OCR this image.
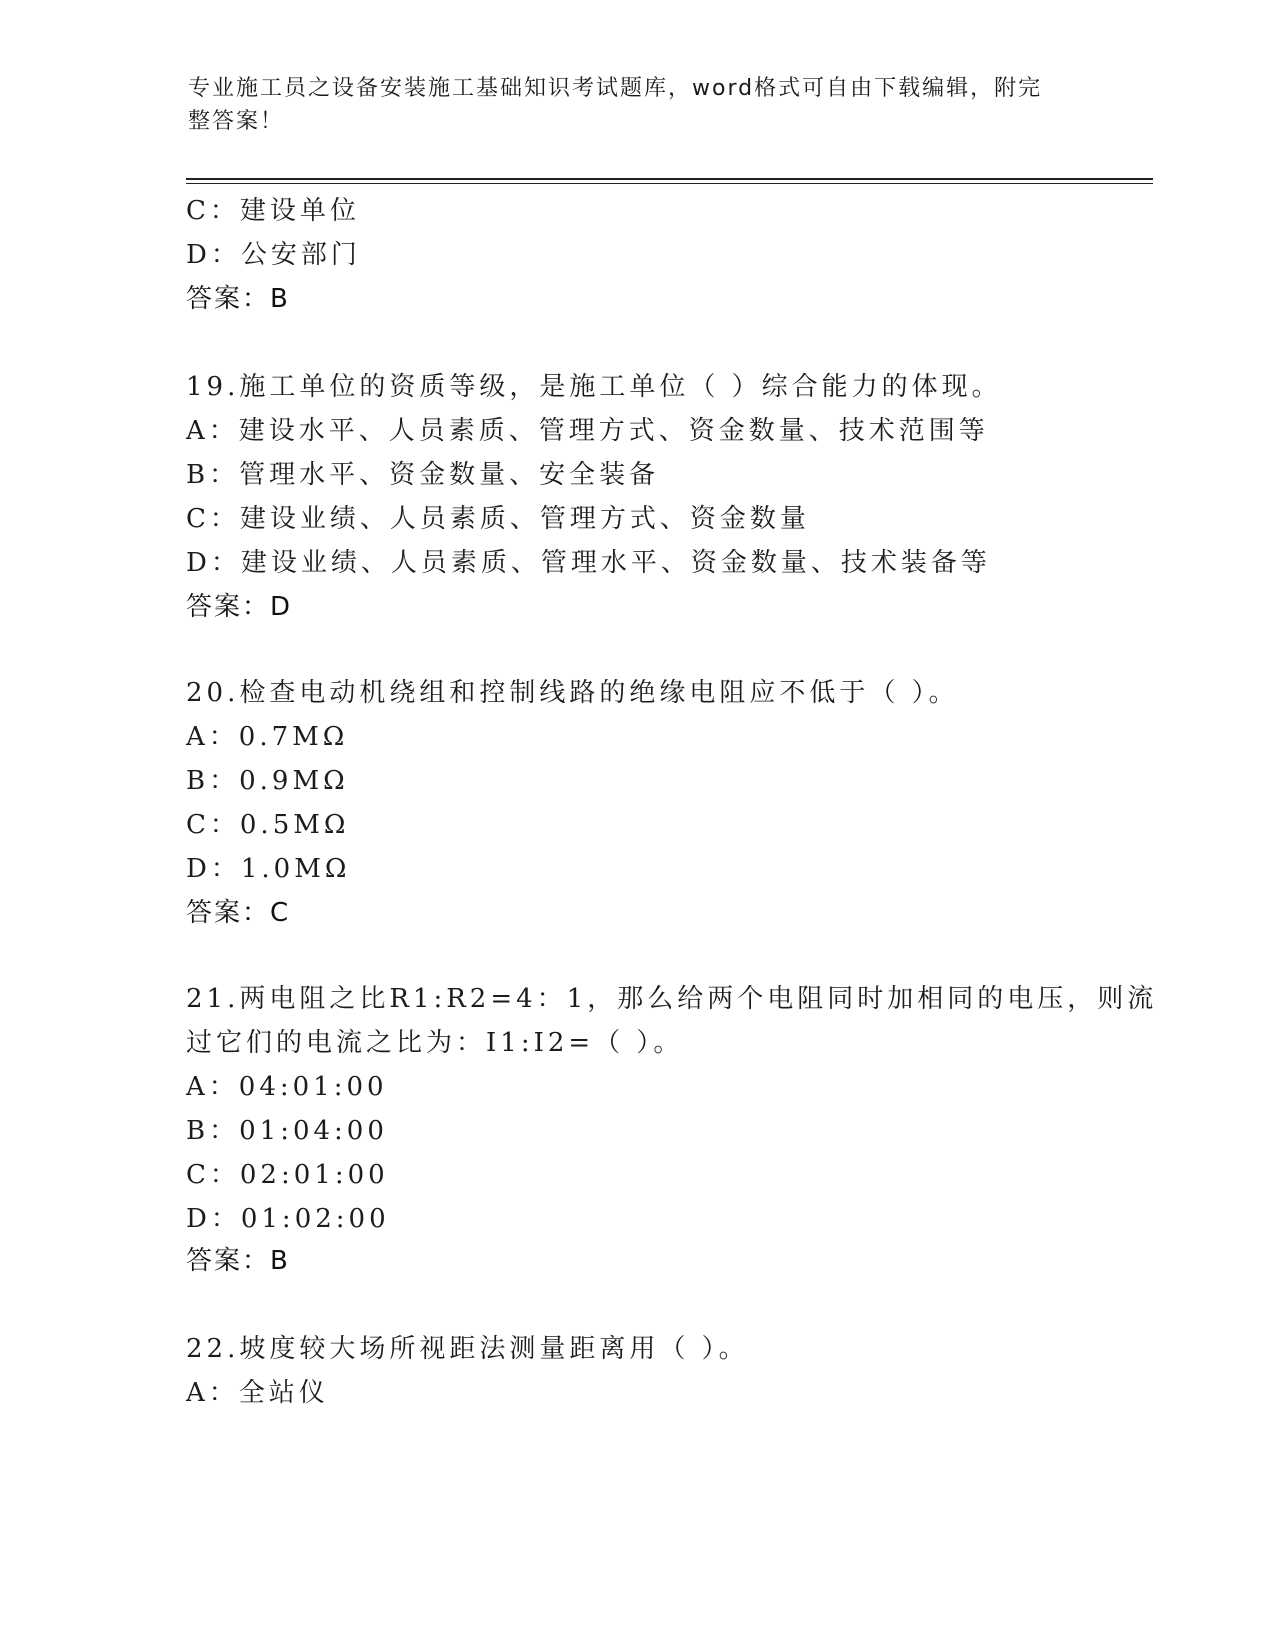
专业施工员之设备安装施工基础知识考试题库，word格式可自由下载编辑，附完
整答案！
C：建设单位
D：公安部门
答案：B
19.施工单位的资质等级，是施工单位（ ）综合能力的体现。
A：建设水平、人员素质、管理方式、资金数量、技术范围等
B：管理水平、资金数量、安全装备
C：建设业绩、人员素质、管理方式、资金数量
D：建设业绩、人员素质、管理水平、资金数量、技术装备等
答案：D
20.检查电动机绕组和控制线路的绝缘电阻应不低于（ ）。
A：0.7MΩ
B：0.9MΩ
C：0.5MΩ
D：1.0MΩ
答案：C
21.两电阻之比R1:R2=4：1，那么给两个电阻同时加相同的电压，则流
过它们的电流之比为：I1:I2=（ ）。
A：04:01:00
B：01:04:00
C：02:01:00
D：01:02:00
答案：B
22.坡度较大场所视距法测量距离用（ ）。
A：全站仪
